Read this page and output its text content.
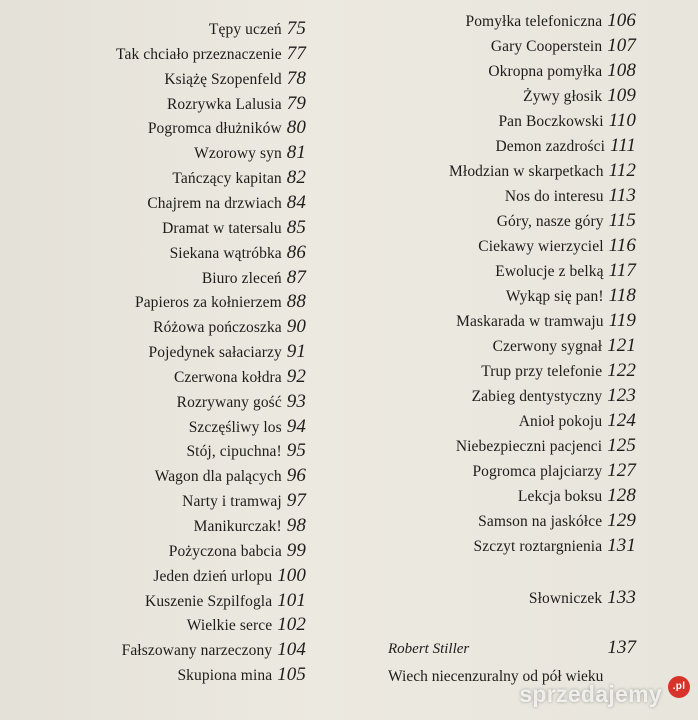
Tępy uczeń 75
Tak chciało przeznaczenie 77
Książę Szopenfeld 78
Rozrywka Lalusia 79
Pogromca dłużników 80
Wzorowy syn 81
Tańczący kapitan 82
Chajrem na drzwiach 84
Dramat w tatersalu 85
Siekana wątróbka 86
Biuro zleceń 87
Papieros za kołnierzem 88
Różowa pończoszka 90
Pojedynek sałaciarzy 91
Czerwona kołdra 92
Rozrywany gość 93
Szczęśliwy los 94
Stój, cipuchna! 95
Wagon dla palących 96
Narty i tramwaj 97
Manikurczak! 98
Pożyczona babcia 99
Jeden dzień urlopu 100
Kuszenie Szpilfogla 101
Wielkie serce 102
Fałszowany narzeczony 104
Skupiona mina 105
Słowniczek 133
Robert Stiller	137
Wiech niecenzuralny od pół wieku
Pomyłka telefoniczna 106
Gary Cooperstein 107
Okropna pomyłka 108
Żywy głosik 109
Pan Boczkowski 110
Demon zazdrości 111
Młodzian w skarpetkach 112
Nos do interesu 113
Góry, nasze góry 115
Ciekawy wierzyciel 116
Ewolucje z belką 117
Wykąp się pan! 118
Maskarada w tramwaju 119
Czerwony sygnał 121
Trup przy telefonie 122
Zabieg dentystyczny 123
Anioł pokoju 124
Niebezpieczni pacjenci 125
Pogromca plajciarzy 127
Lekcja boksu 128
Samson na jaskółce 129
Szczyt roztargnienia 131
sprzedajemy	.pl
